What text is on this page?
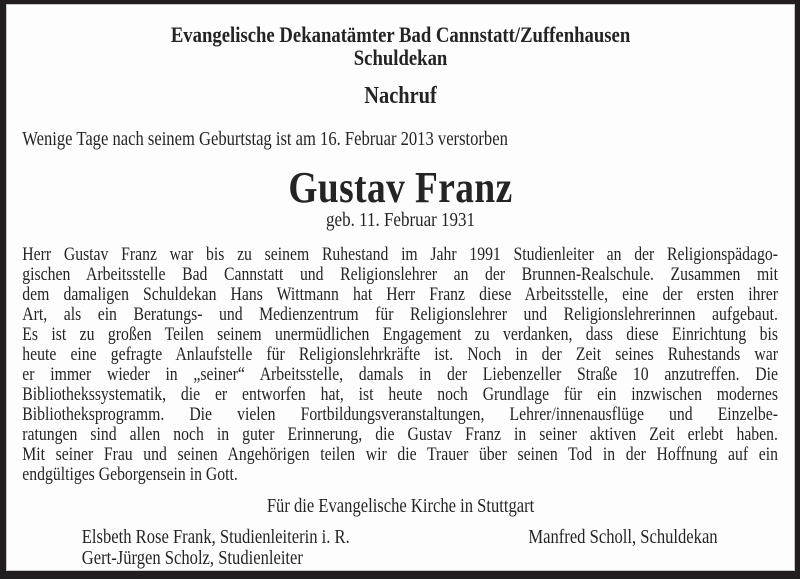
Evangelische Dekanatämter Bad Cannstatt/Zuffenhausen
Schuldekan
Nachruf
Wenige Tage nach seinem Geburtstag ist am 16. Februar 2013 verstorben
Gustav Franz
geb. 11. Februar 1931
Herr Gustav Franz war bis zu seinem Ruhestand im Jahr 1991 Studienleiter an der Religionspädago-
gischen Arbeitsstelle Bad Cannstatt und Religionslehrer an der Brunnen-Realschule. Zusammen mit
dem damaligen Schuldekan Hans Wittmann hat Herr Franz diese Arbeitsstelle, eine der ersten ihrer
Art, als ein Beratungs- und Medienzentrum für Religionslehrer und Religionslehrerinnen aufgebaut.
Es ist zu großen Teilen seinem unermüdlichen Engagement zu verdanken, dass diese Einrichtung bis
heute eine gefragte Anlaufstelle für Religionslehrkräfte ist. Noch in der Zeit seines Ruhestands war
er immer wieder in „seiner“ Arbeitsstelle, damals in der Liebenzeller Straße 10 anzutreffen. Die
Bibliothekssystematik, die er entworfen hat, ist heute noch Grundlage für ein inzwischen modernes
Bibliotheksprogramm. Die vielen Fortbildungsveranstaltungen, Lehrer/innenausflüge und Einzelbe-
ratungen sind allen noch in guter Erinnerung, die Gustav Franz in seiner aktiven Zeit erlebt haben.
Mit seiner Frau und seinen Angehörigen teilen wir die Trauer über seinen Tod in der Hoffnung auf ein
endgültiges Geborgensein in Gott.
Für die Evangelische Kirche in Stuttgart
Elsbeth Rose Frank, Studienleiterin i. R.
Gert-Jürgen Scholz, Studienleiter
Manfred Scholl, Schuldekan
